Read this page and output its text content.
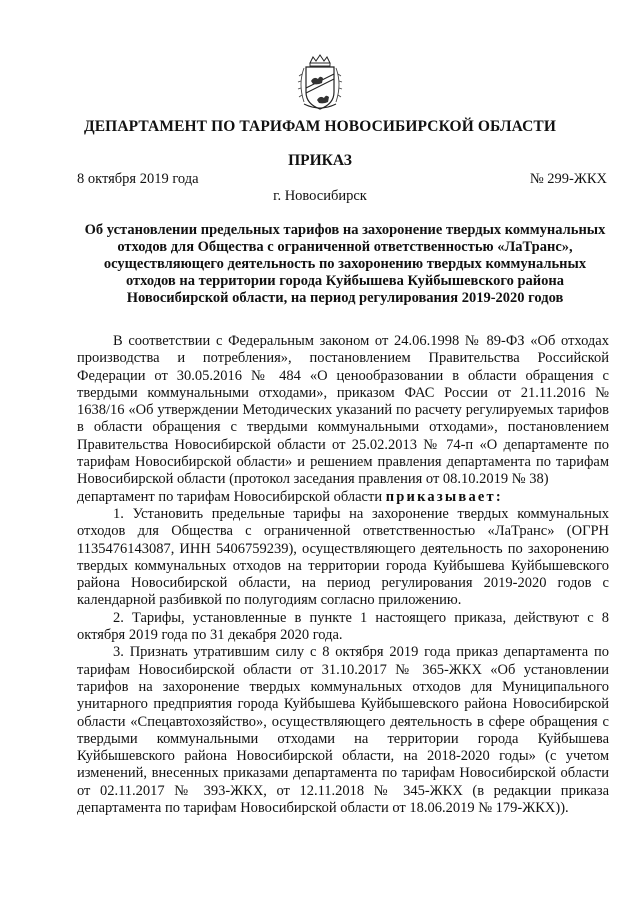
ДЕПАРТАМЕНТ ПО ТАРИФАМ НОВОСИБИРСКОЙ ОБЛАСТИ
ПРИКАЗ
8 октября 2019 года	№ 299-ЖКХ
г. Новосибирск
Об установлении предельных тарифов на захоронение твердых коммунальных отходов для Общества с ограниченной ответственностью «ЛаТранс», осуществляющего деятельность по захоронению твердых коммунальных отходов на территории города Куйбышева Куйбышевского района Новосибирской области, на период регулирования 2019-2020 годов

В соответствии с Федеральным законом от 24.06.1998 № 89-ФЗ «Об отходах производства и потребления», постановлением Правительства Российской Федерации от 30.05.2016 № 484 «О ценообразовании в области обращения с твердыми коммунальными отходами», приказом ФАС России от 21.11.2016 № 1638/16 «Об утверждении Методических указаний по расчету регулируемых тарифов в области обращения с твердыми коммунальными отходами», постановлением Правительства Новосибирской области от 25.02.2013 № 74-п «О департаменте по тарифам Новосибирской области» и решением правления департамента по тарифам Новосибирской области (протокол заседания правления от 08.10.2019 № 38)

департамент по тарифам Новосибирской области приказывает:

1. Установить предельные тарифы на захоронение твердых коммунальных отходов для Общества с ограниченной ответственностью «ЛаТранс» (ОГРН 1135476143087, ИНН 5406759239), осуществляющего деятельность по захоронению твердых коммунальных отходов на территории города Куйбышева Куйбышевского района Новосибирской области, на период регулирования 2019-2020 годов с календарной разбивкой по полугодиям согласно приложению.

2. Тарифы, установленные в пункте 1 настоящего приказа, действуют с 8 октября 2019 года по 31 декабря 2020 года.

3. Признать утратившим силу с 8 октября 2019 года приказ департамента по тарифам Новосибирской области от 31.10.2017 № 365-ЖКХ «Об установлении тарифов на захоронение твердых коммунальных отходов для Муниципального унитарного предприятия города Куйбышева Куйбышевского района Новосибирской области «Спецавтохозяйство», осуществляющего деятельность в сфере обращения с твердыми коммунальными отходами на территории города Куйбышева Куйбышевского района Новосибирской области, на 2018-2020 годы» (с учетом изменений, внесенных приказами департамента по тарифам Новосибирской области от 02.11.2017 № 393-ЖКХ, от 12.11.2018 № 345-ЖКХ (в редакции приказа департамента по тарифам Новосибирской области от 18.06.2019 № 179-ЖКХ)).
